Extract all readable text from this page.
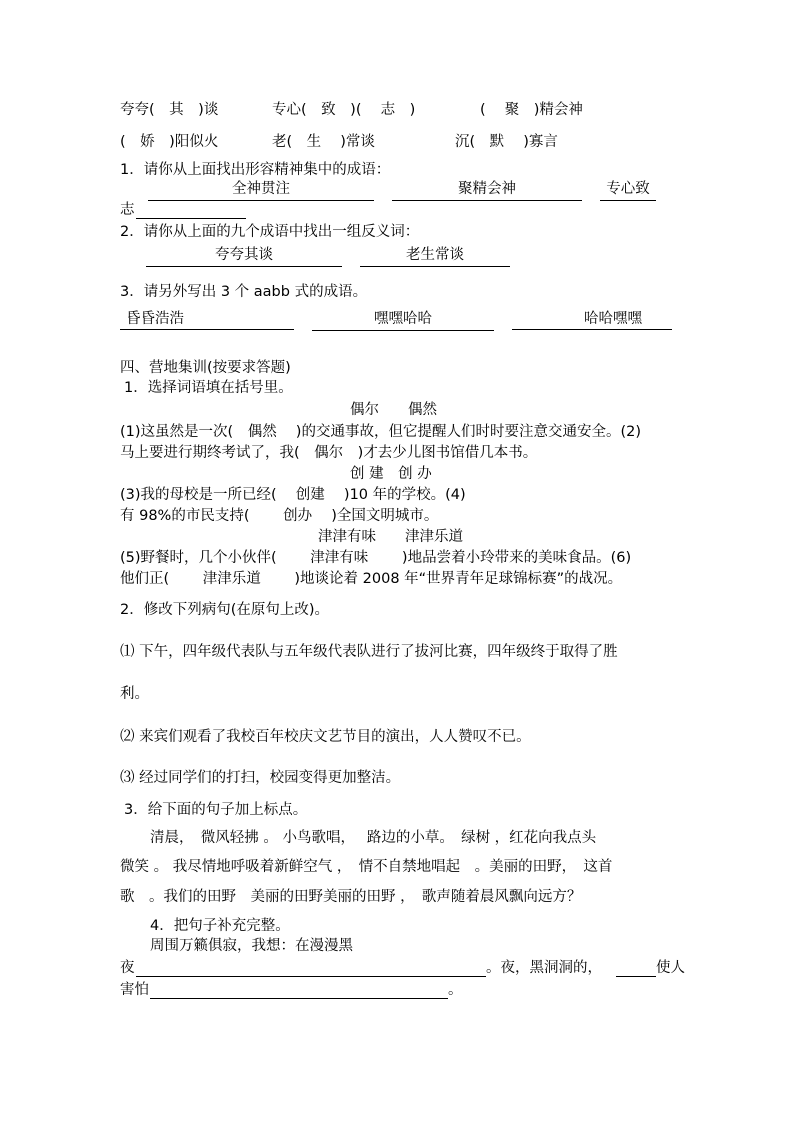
夸夸(　其　)谈	专心(　致　)(　 志　)	(　 聚　)精会神
(　娇　)阳似火	老(　生　 )常谈	沉(　默　 )寡言
1．请你从上面找出形容精神集中的成语：
全神贯注	聚精会神	专心致
志
2．请你从上面的九个成语中找出一组反义词：
夸夸其谈	老生常谈
3．请另外写出 3 个 aabb 式的成语。
昏昏浩浩	嘿嘿哈哈	哈哈嘿嘿
四、营地集训(按要求答题)
1．选择词语填在括号里。
偶尔　　偶然
(1)这虽然是一次(　偶然　 )的交通事故，但它提醒人们时时要注意交通安全。(2)
马上要进行期终考试了，我(　偶尔　)才去少儿图书馆借几本书。
创 建　创 办
(3)我的母校是一所已经(　 创建　 )10 年的学校。(4)
有 98%的市民支持(　　 创办　 )全国文明城市。
津津有味　　津津乐道
(5)野餐时，几个小伙伴(　　 津津有味　　 )地品尝着小玲带来的美味食品。(6)
他们正(　　 津津乐道　　 )地谈论着 2008 年“世界青年足球锦标赛”的战况。
2．修改下列病句(在原句上改)。
⑴ 下午，四年级代表队与五年级代表队进行了拔河比赛，四年级终于取得了胜
利。
⑵ 来宾们观看了我校百年校庆文艺节目的演出，人人赞叹不已。
⑶ 经过同学们的打扫，校园变得更加整洁。
3．给下面的句子加上标点。
清晨，　微风轻拂 。 小鸟歌唱，　 路边的小草。　绿树 ，红花向我点头
微笑 。 我尽情地呼吸着新鲜空气 ，　情不自禁地唱起　。美丽的田野，　这首
歌　。我们的田野　美丽的田野美丽的田野 ，　歌声随着晨风飘向远方？
4．把句子补充完整。
周围万籁俱寂，我想：在漫漫黑
夜	。夜，黑洞洞的，	使人
害怕	。
